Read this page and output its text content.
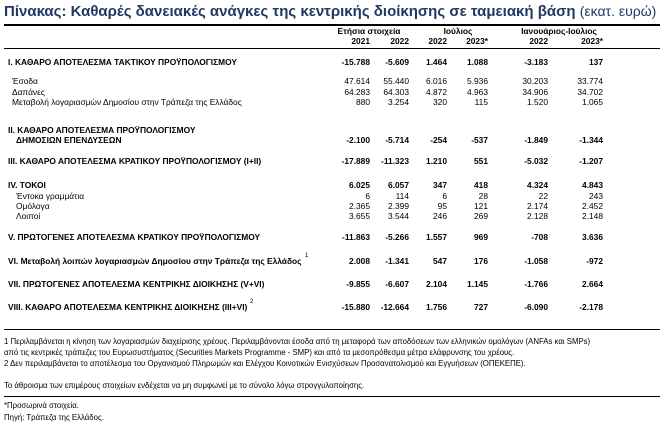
Πίνακας: Καθαρές δανειακές ανάγκες της κεντρικής διοίκησης σε ταμειακή βάση (εκατ. ευρώ)
Ετήσια στοιχεία	Ιούλιος	Ιανουάριος-Ιούλιος
2021	2022	2022	2023*	2022	2023*
I. ΚΑΘΑΡΟ ΑΠΟΤΕΛΕΣΜΑ ΤΑΚΤΙΚΟΥ ΠΡΟΫΠΟΛΟΓΙΣΜΟΥ	-15.788	-5.609	1.464	1.088	-3.183	137
Έσοδα	47.614	55.440	6.016	5.936	30.203	33.774
Δαπάνες	64.283	64.303	4.872	4.963	34.906	34.702
Μεταβολή λογαριασμών Δημοσίου στην Τράπεζα της Ελλάδος	880	3.254	320	115	1.520	1.065
II. ΚΑΘΑΡΟ ΑΠΟΤΕΛΕΣΜΑ ΠΡΟΫΠΟΛΟΓΙΣΜΟΥ
ΔΗΜΟΣΙΩΝ ΕΠΕΝΔΥΣΕΩΝ	-2.100	-5.714	-254	-537	-1.849	-1.344
III. ΚΑΘΑΡΟ ΑΠΟΤΕΛΕΣΜΑ ΚΡΑΤΙΚΟΥ ΠΡΟΫΠΟΛΟΓΙΣΜΟΥ (I+II)	-17.889	-11.323	1.210	551	-5.032	-1.207
IV. ΤΟΚΟΙ	6.025	6.057	347	418	4.324	4.843
Έντοκα γραμμάτια	6	114	6	28	22	243
Ομόλογα	2.365	2.399	95	121	2.174	2.452
Λοιποί	3.655	3.544	246	269	2.128	2.148
V. ΠΡΩΤΟΓΕΝΕΣ ΑΠΟΤΕΛΕΣΜΑ ΚΡΑΤΙΚΟΥ ΠΡΟΫΠΟΛΟΓΙΣΜΟΥ	-11.863	-5.266	1.557	969	-708	3.636
VI. Μεταβολή λοιπών λογαριασμών Δημοσίου στην Τράπεζα της Ελλάδος 1	2.008	-1.341	547	176	-1.058	-972
VII. ΠΡΩΤΟΓΕΝΕΣ ΑΠΟΤΕΛΕΣΜΑ ΚΕΝΤΡΙΚΗΣ ΔΙΟΙΚΗΣΗΣ (V+VI)	-9.855	-6.607	2.104	1.145	-1.766	2.664
VIII. ΚΑΘΑΡΟ ΑΠΟΤΕΛΕΣΜΑ ΚΕΝΤΡΙΚΗΣ ΔΙΟΙΚΗΣΗΣ (III+VI) 2	-15.880	-12.664	1.756	727	-6.090	-2.178
1 Περιλαμβάνεται η κίνηση των λογαριασμών διαχείρισης χρέους. Περιλαμβάνονται έσοδα από τη μεταφορά των αποδόσεων των ελληνικών ομολόγων (ANFAs και SMPs)
από τις κεντρικές τράπεζες του Ευρωσυστήματος (Securities Markets Programme - SMP) και από τα μεσοπρόθεσμα μέτρα ελάφρυνσης του χρέους.
2 Δεν περιλαμβάνεται το αποτέλεσμα του Οργανισμού Πληρωμών και Ελέγχου Κοινοτικών Ενισχύσεων Προσανατολισμού και Εγγυήσεων (ΟΠΕΚΕΠΕ).
Το άθροισμα των επιμέρους στοιχείων ενδέχεται να μη συμφωνεί με το σύνολο λόγω στρογγυλοποίησης.
*Προσωρινά στοιχεία.
Πηγή: Τράπεζα της Ελλάδος.
